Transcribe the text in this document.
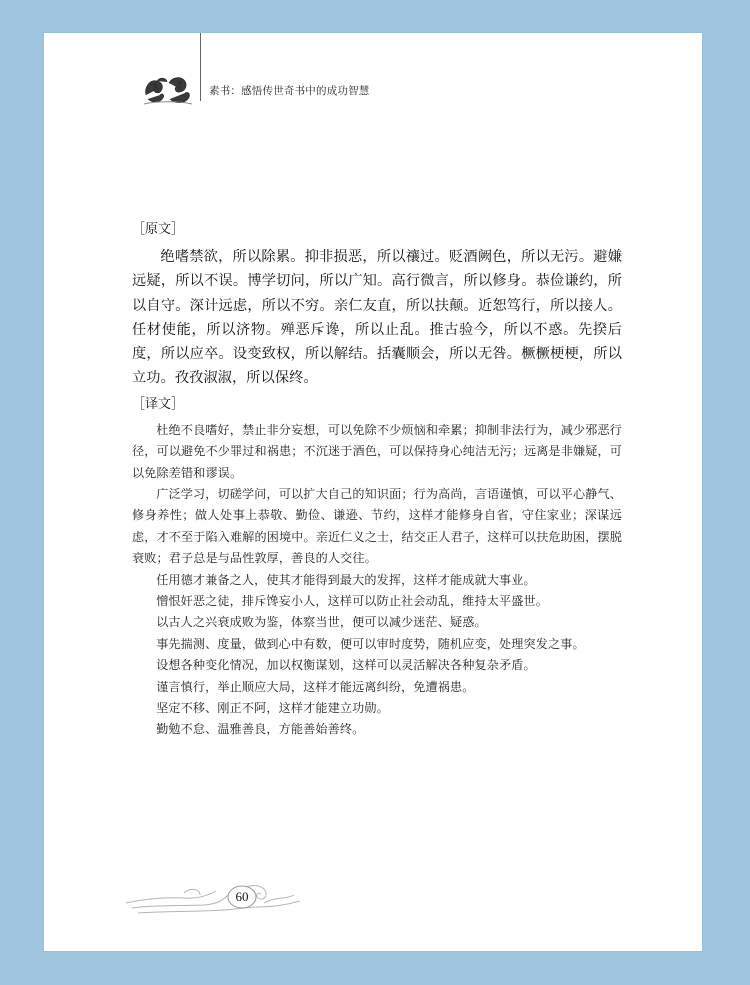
素书：感悟传世奇书中的成功智慧
［原文］

绝嗜禁欲，所以除累。抑非损恶，所以禳过。贬酒阙色，所以无污。避嫌远疑，所以不误。博学切问，所以广知。高行微言，所以修身。恭俭谦约，所以自守。深计远虑，所以不穷。亲仁友直，所以扶颠。近恕笃行，所以接人。任材使能，所以济物。殚恶斥谗，所以止乱。推古验今，所以不惑。先揆后度，所以应卒。设变致权，所以解结。括囊顺会，所以无咎。橛橛梗梗，所以立功。孜孜淑淑，所以保终。

［译文］

杜绝不良嗜好，禁止非分妄想，可以免除不少烦恼和牵累；抑制非法行为，减少邪恶行径，可以避免不少罪过和祸患；不沉迷于酒色，可以保持身心纯洁无污；远离是非嫌疑，可以免除差错和谬误。

广泛学习，切磋学问，可以扩大自己的知识面；行为高尚，言语谨慎，可以平心静气、修身养性；做人处事上恭敬、勤俭、谦逊、节约，这样才能修身自省，守住家业；深谋远虑，才不至于陷入难解的困境中。亲近仁义之士，结交正人君子，这样可以扶危助困，摆脱衰败；君子总是与品性敦厚，善良的人交往。

任用德才兼备之人，使其才能得到最大的发挥，这样才能成就大事业。

憎恨奸恶之徒，排斥馋妄小人，这样可以防止社会动乱，维持太平盛世。

以古人之兴衰成败为鉴，体察当世，便可以减少迷茫、疑惑。

事先揣测、度量，做到心中有数，便可以审时度势，随机应变，处理突发之事。

设想各种变化情况，加以权衡谋划，这样可以灵活解决各种复杂矛盾。

谨言慎行，举止顺应大局，这样才能远离纠纷，免遭祸患。

坚定不移、刚正不阿，这样才能建立功勋。

勤勉不怠、温雅善良，方能善始善终。

60
